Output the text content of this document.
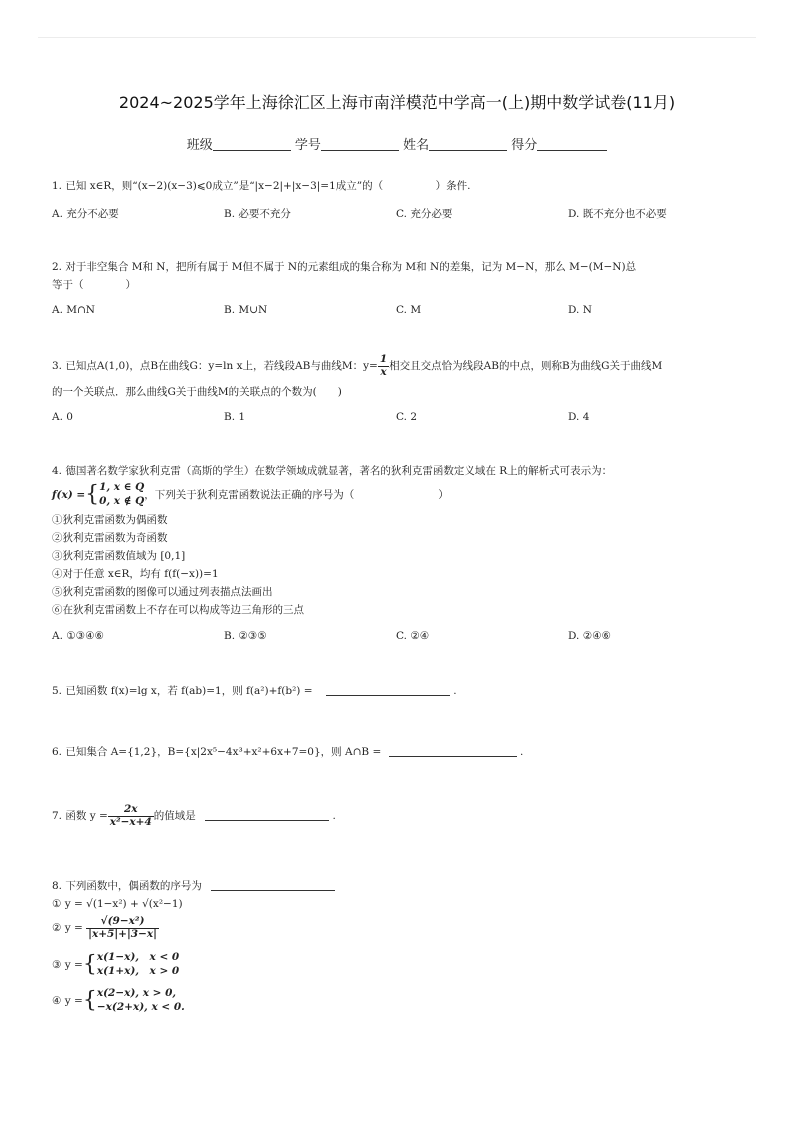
2024~2025学年上海徐汇区上海市南洋模范中学高一(上)期中数学试卷(11月)
班级	学号	姓名	得分
1. 已知 x∈R，则“(x−2)(x−3)⩽0成立”是“|x−2|+|x−3|=1成立”的（　　　　　）条件.
A. 充分不必要	B. 必要不充分	C. 充分必要	D. 既不充分也不必要
2. 对于非空集合 M和 N，把所有属于 M但不属于 N的元素组成的集合称为 M和 N的差集，记为 M−N，那么 M−(M−N)总
等于（　　　　）
A. M∩N	B. M∪N	C. M	D. N
3. 已知点A(1,0)，点B在曲线G：y=ln x上，若线段AB与曲线M：$y= \frac{1}{x}$ 相交且交点恰为线段AB的中点，则称B为曲线G关于曲线M
的一个关联点．那么曲线G关于曲线M的关联点的个数为(　　)
A. 0	B. 1	C. 2	D. 4
4. 德国著名数学家狄利克雷（高斯的学生）在数学领域成就显著，著名的狄利克雷函数定义域在 R上的解析式可表示为：
f(x) ={ 1, x ∈ Q
0, x ∉ Q ，下列关于狄利克雷函数说法正确的序号为（　　　　　　　　）
①狄利克雷函数为偶函数
②狄利克雷函数为奇函数
③狄利克雷函数值域为 [0,1]
④对于任意 x∈R，均有 f(f(−x))=1
⑤狄利克雷函数的图像可以通过列表描点法画出
⑥在狄利克雷函数上不存在可以构成等边三角形的三点
A. ①③④⑥	B. ②③⑤	C. ②④	D. ②④⑥
5. 已知函数 f(x)=lg x，若 f(ab)=1，则 f(a²)+f(b²) =	.
6. 已知集合 A={1,2}，B={x|2x⁵−4x³+x²+6x+7=0}，则 A∩B =	.
7. 函数 $y = \frac{2x}{\text{x²−x+4}}$ 的值域是	.
8. 下列函数中，偶函数的序号为
① y = √(1−x²) + √(x²−1)
② $y = \frac{\text{√(9−x²)}}{|x+5|+|3-x|}$
③ y ={ x(1−x),　x < 0
x(1+x),　x > 0
④ y ={ x(2−x), x > 0,
−x(2+x), x < 0.
